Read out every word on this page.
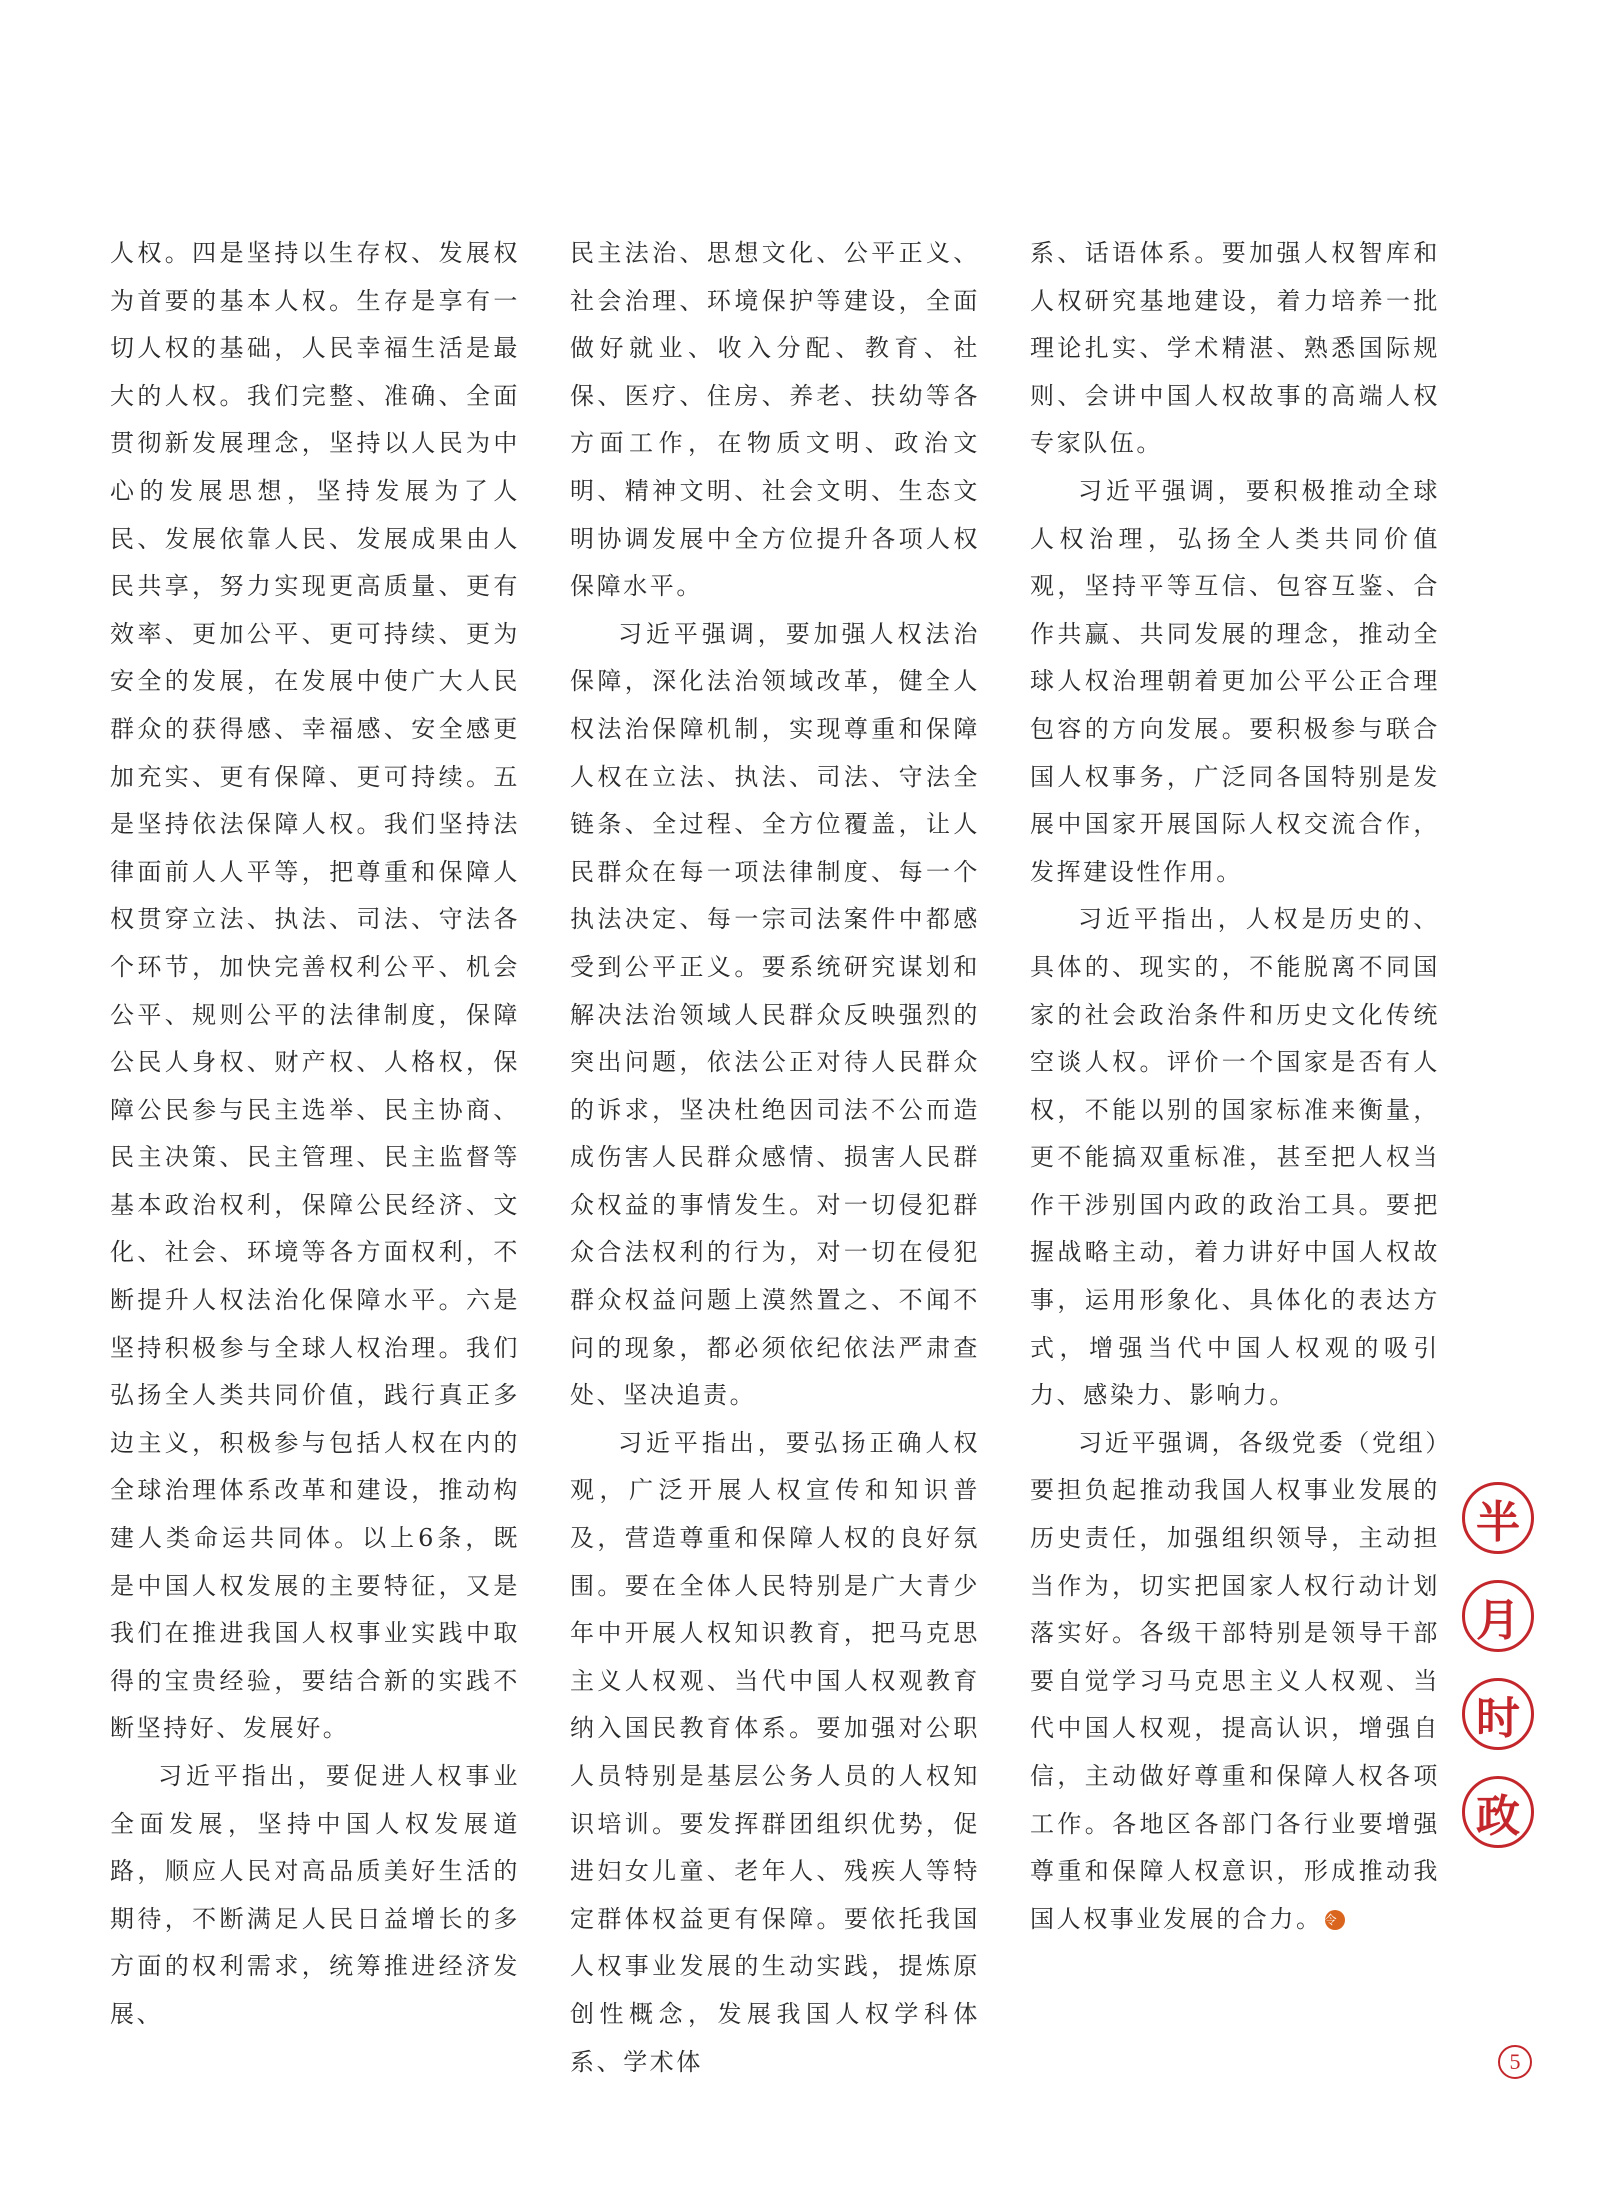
人权。四是坚持以生存权、发展权为首要的基本人权。生存是享有一切人权的基础，人民幸福生活是最大的人权。我们完整、准确、全面贯彻新发展理念，坚持以人民为中心的发展思想，坚持发展为了人民、发展依靠人民、发展成果由人民共享，努力实现更高质量、更有效率、更加公平、更可持续、更为安全的发展，在发展中使广大人民群众的获得感、幸福感、安全感更加充实、更有保障、更可持续。五是坚持依法保障人权。我们坚持法律面前人人平等，把尊重和保障人权贯穿立法、执法、司法、守法各个环节，加快完善权利公平、机会公平、规则公平的法律制度，保障公民人身权、财产权、人格权，保障公民参与民主选举、民主协商、民主决策、民主管理、民主监督等基本政治权利，保障公民经济、文化、社会、环境等各方面权利，不断提升人权法治化保障水平。六是坚持积极参与全球人权治理。我们弘扬全人类共同价值，践行真正多边主义，积极参与包括人权在内的全球治理体系改革和建设，推动构建人类命运共同体。以上6条，既是中国人权发展的主要特征，又是我们在推进我国人权事业实践中取得的宝贵经验，要结合新的实践不断坚持好、发展好。

习近平指出，要促进人权事业全面发展，坚持中国人权发展道路，顺应人民对高品质美好生活的期待，不断满足人民日益增长的多方面的权利需求，统筹推进经济发展、

民主法治、思想文化、公平正义、社会治理、环境保护等建设，全面做好就业、收入分配、教育、社保、医疗、住房、养老、扶幼等各方面工作，在物质文明、政治文明、精神文明、社会文明、生态文明协调发展中全方位提升各项人权保障水平。

习近平强调，要加强人权法治保障，深化法治领域改革，健全人权法治保障机制，实现尊重和保障人权在立法、执法、司法、守法全链条、全过程、全方位覆盖，让人民群众在每一项法律制度、每一个执法决定、每一宗司法案件中都感受到公平正义。要系统研究谋划和解决法治领域人民群众反映强烈的突出问题，依法公正对待人民群众的诉求，坚决杜绝因司法不公而造成伤害人民群众感情、损害人民群众权益的事情发生。对一切侵犯群众合法权利的行为，对一切在侵犯群众权益问题上漠然置之、不闻不问的现象，都必须依纪依法严肃查处、坚决追责。

习近平指出，要弘扬正确人权观，广泛开展人权宣传和知识普及，营造尊重和保障人权的良好氛围。要在全体人民特别是广大青少年中开展人权知识教育，把马克思主义人权观、当代中国人权观教育纳入国民教育体系。要加强对公职人员特别是基层公务人员的人权知识培训。要发挥群团组织优势，促进妇女儿童、老年人、残疾人等特定群体权益更有保障。要依托我国人权事业发展的生动实践，提炼原创性概念，发展我国人权学科体系、学术体

系、话语体系。要加强人权智库和人权研究基地建设，着力培养一批理论扎实、学术精湛、熟悉国际规则、会讲中国人权故事的高端人权专家队伍。

习近平强调，要积极推动全球人权治理，弘扬全人类共同价值观，坚持平等互信、包容互鉴、合作共赢、共同发展的理念，推动全球人权治理朝着更加公平公正合理包容的方向发展。要积极参与联合国人权事务，广泛同各国特别是发展中国家开展国际人权交流合作，发挥建设性作用。

习近平指出，人权是历史的、具体的、现实的，不能脱离不同国家的社会政治条件和历史文化传统空谈人权。评价一个国家是否有人权，不能以别的国家标准来衡量，更不能搞双重标准，甚至把人权当作干涉别国内政的政治工具。要把握战略主动，着力讲好中国人权故事，运用形象化、具体化的表达方式，增强当代中国人权观的吸引力、感染力、影响力。

习近平强调，各级党委（党组）要担负起推动我国人权事业发展的历史责任，加强组织领导，主动担当作为，切实把国家人权行动计划落实好。各级干部特别是领导干部要自觉学习马克思主义人权观、当代中国人权观，提高认识，增强自信，主动做好尊重和保障人权各项工作。各地区各部门各行业要增强尊重和保障人权意识，形成推动我国人权事业发展的合力。 令

半
月
时
政
5
